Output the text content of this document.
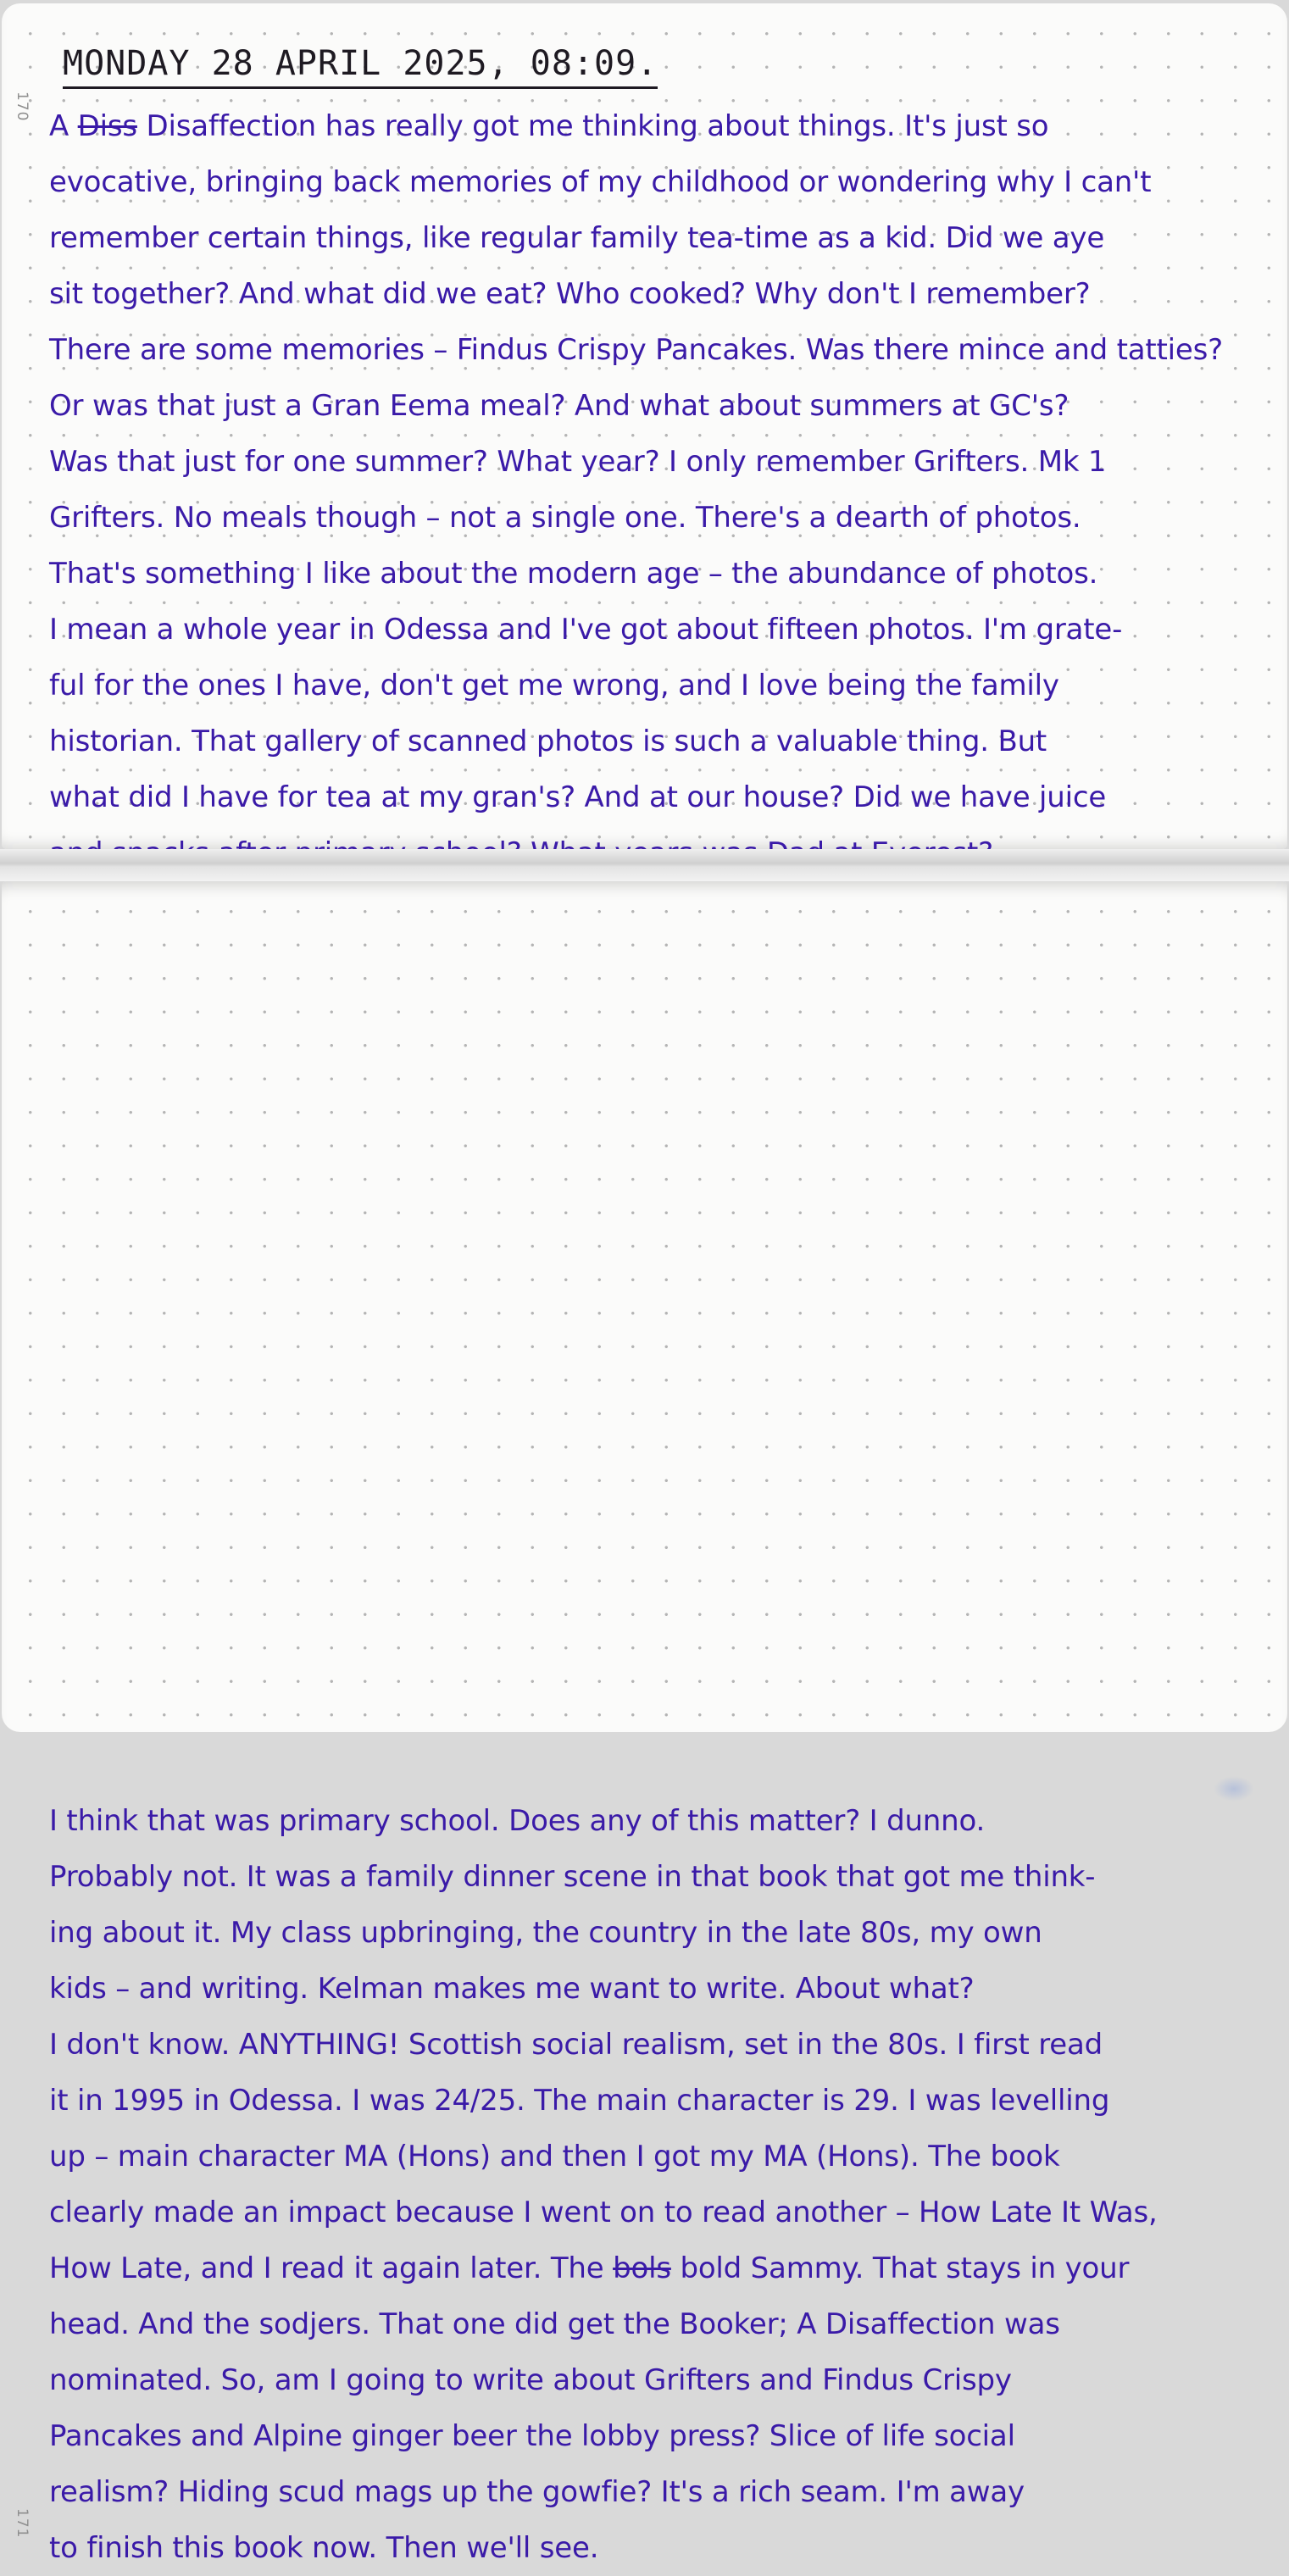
170
MONDAY 28 APRIL 2025, 08:09.
A Diss Disaffection has really got me thinking about things. It's just so
evocative, bringing back memories of my childhood or wondering why I can't
remember certain things, like regular family tea-time as a kid. Did we aye
sit together? And what did we eat? Who cooked? Why don't I remember?
There are some memories – Findus Crispy Pancakes. Was there mince and tatties?
Or was that just a Gran Eema meal? And what about summers at GC's?
Was that just for one summer? What year? I only remember Grifters. Mk 1
Grifters. No meals though – not a single one. There's a dearth of photos.
That's something I like about the modern age – the abundance of photos.
I mean a whole year in Odessa and I've got about fifteen photos. I'm grate-
ful for the ones I have, don't get me wrong, and I love being the family
historian. That gallery of scanned photos is such a valuable thing. But
what did I have for tea at my gran's? And at our house? Did we have juice
171
I think that was primary school. Does any of this matter? I dunno.
Probably not. It was a family dinner scene in that book that got me think-
ing about it. My class upbringing, the country in the late 80s, my own
kids – and writing. Kelman makes me want to write. About what?
I don't know. ANYTHING! Scottish social realism, set in the 80s. I first read
it in 1995 in Odessa. I was 24/25. The main character is 29. I was levelling
up – main character MA (Hons) and then I got my MA (Hons). The book
clearly made an impact because I went on to read another – How Late It Was,
How Late, and I read it again later. The bols bold Sammy. That stays in your
head. And the sodjers. That one did get the Booker; A Disaffection was
nominated. So, am I going to write about Grifters and Findus Crispy
Pancakes and Alpine ginger beer the lobby press? Slice of life social
realism? Hiding scud mags up the gowfie? It's a rich seam. I'm away
to finish this book now. Then we'll see.
